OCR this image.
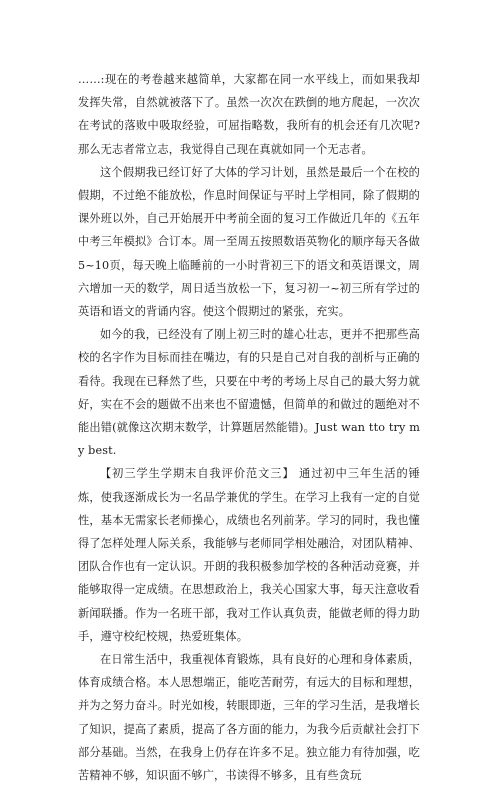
……:现在的考卷越来越简单，大家都在同一水平线上，而如果我却发挥失常，自然就被落下了。虽然一次次在跌倒的地方爬起，一次次在考试的落败中吸取经验，可屈指略数，我所有的机会还有几次呢?那么无志者常立志，我觉得自己现在真就如同一个无志者。

这个假期我已经订好了大体的学习计划，虽然是最后一个在校的假期，不过绝不能放松，作息时间保证与平时上学相同，除了假期的课外班以外，自己开始展开中考前全面的复习工作做近几年的《五年中考三年模拟》合订本。周一至周五按照数语英物化的顺序每天各做5~10页，每天晚上临睡前的一小时背初三下的语文和英语课文，周六增加一天的数学，周日适当放松一下，复习初一~初三所有学过的英语和语文的背诵内容。使这个假期过的紧张，充实。

如今的我，已经没有了刚上初三时的雄心壮志，更并不把那些高校的名字作为目标而挂在嘴边，有的只是自己对自我的剖析与正确的看待。我现在已释然了些，只要在中考的考场上尽自己的最大努力就好，实在不会的题做不出来也不留遗憾，但简单的和做过的题绝对不能出错(就像这次期末数学，计算题居然能错)。Just wan tto try my best.

【初三学生学期末自我评价范文三】 通过初中三年生活的锤炼，使我逐渐成长为一名品学兼优的学生。在学习上我有一定的自觉性，基本无需家长老师操心，成绩也名列前茅。学习的同时，我也懂得了怎样处理人际关系，我能够与老师同学相处融洽，对团队精神、团队合作也有一定认识。开朗的我积极参加学校的各种活动竞赛，并能够取得一定成绩。在思想政治上，我关心国家大事，每天注意收看新闻联播。作为一名班干部，我对工作认真负责，能做老师的得力助手，遵守校纪校规，热爱班集体。

在日常生活中，我重视体育锻炼，具有良好的心理和身体素质，体育成绩合格。本人思想端正，能吃苦耐劳，有远大的目标和理想，并为之努力奋斗。时光如梭，转眼即逝，三年的学习生活，是我增长了知识，提高了素质，提高了各方面的能力，为我今后贡献社会打下部分基础。当然，在我身上仍存在许多不足。独立能力有待加强，吃苦精神不够，知识面不够广，书读得不够多，且有些贪玩
